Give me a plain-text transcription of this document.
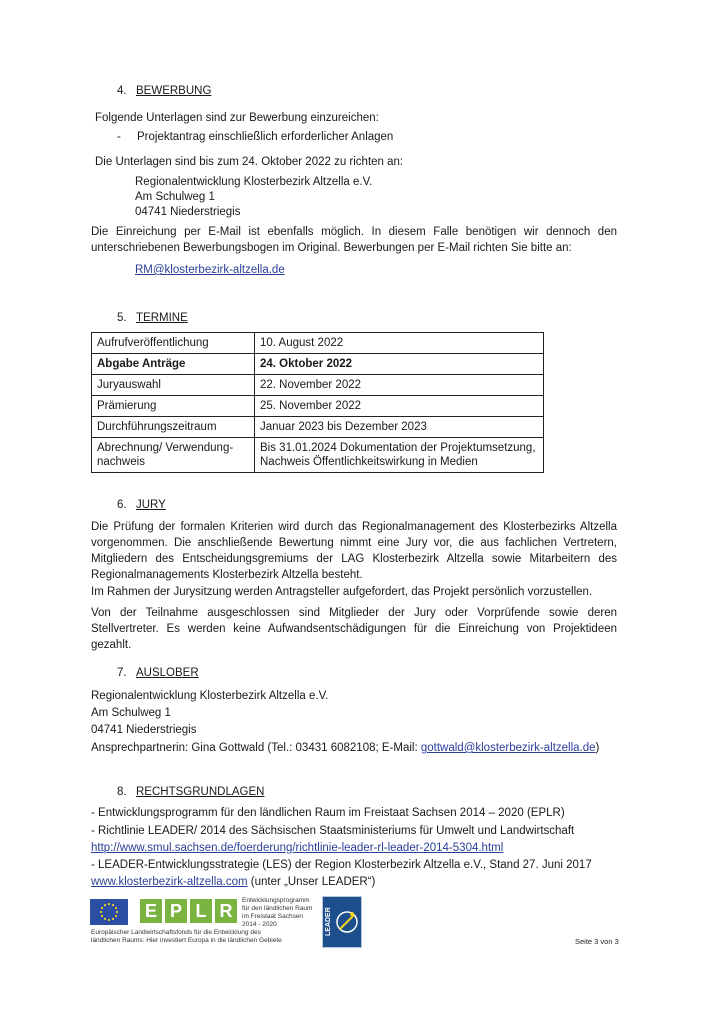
4. BEWERBUNG
Folgende Unterlagen sind zur Bewerbung einzureichen:
- Projektantrag einschließlich erforderlicher Anlagen
Die Unterlagen sind bis zum 24. Oktober 2022 zu richten an:
Regionalentwicklung Klosterbezirk Altzella e.V.
Am Schulweg 1
04741 Niederstriegis
Die Einreichung per E-Mail ist ebenfalls möglich. In diesem Falle benötigen wir dennoch den unterschriebenen Bewerbungsbogen im Original. Bewerbungen per E-Mail richten Sie bitte an:
RM@klosterbezirk-altzella.de
5. TERMINE
Aufrufveröffentlichung	10. August 2022
Abgabe Anträge	24. Oktober 2022
Juryauswahl	22. November 2022
Prämierung	25. November 2022
Durchführungszeitraum	Januar 2023 bis Dezember 2023
Abrechnung/ Verwendung-nachweis	Bis 31.01.2024 Dokumentation der Projektumsetzung, Nachweis Öffentlichkeitswirkung in Medien
6. JURY
Die Prüfung der formalen Kriterien wird durch das Regionalmanagement des Klosterbezirks Altzella vorgenommen. Die anschließende Bewertung nimmt eine Jury vor, die aus fachlichen Vertretern, Mitgliedern des Entscheidungsgremiums der LAG Klosterbezirk Altzella sowie Mitarbeitern des Regionalmanagements Klosterbezirk Altzella besteht.
Im Rahmen der Jurysitzung werden Antragsteller aufgefordert, das Projekt persönlich vorzustellen.
Von der Teilnahme ausgeschlossen sind Mitglieder der Jury oder Vorprüfende sowie deren Stellvertreter. Es werden keine Aufwandsentschädigungen für die Einreichung von Projektideen gezahlt.
7. AUSLOBER
Regionalentwicklung Klosterbezirk Altzella e.V.
Am Schulweg 1
04741 Niederstriegis
Ansprechpartnerin: Gina Gottwald (Tel.: 03431 6082108; E-Mail: gottwald@klosterbezirk-altzella.de)
8. RECHTSGRUNDLAGEN
- Entwicklungsprogramm für den ländlichen Raum im Freistaat Sachsen 2014 – 2020 (EPLR)
- Richtlinie LEADER/ 2014 des Sächsischen Staatsministeriums für Umwelt und Landwirtschaft
http://www.smul.sachsen.de/foerderung/richtlinie-leader-rl-leader-2014-5304.html
- LEADER-Entwicklungsstrategie (LES) der Region Klosterbezirk Altzella e.V., Stand 27. Juni 2017
www.klosterbezirk-altzella.com (unter „Unser LEADER“)
E P L R
Entwicklungsprogramm
für den ländlichen Raum
im Freistaat Sachsen
2014 - 2020	LEADER
Europäischer Landwirtschaftsfonds für die Entwicklung des
ländlichen Raums: Hier investiert Europa in die ländlichen Gebiete	Seite 3 von 3
